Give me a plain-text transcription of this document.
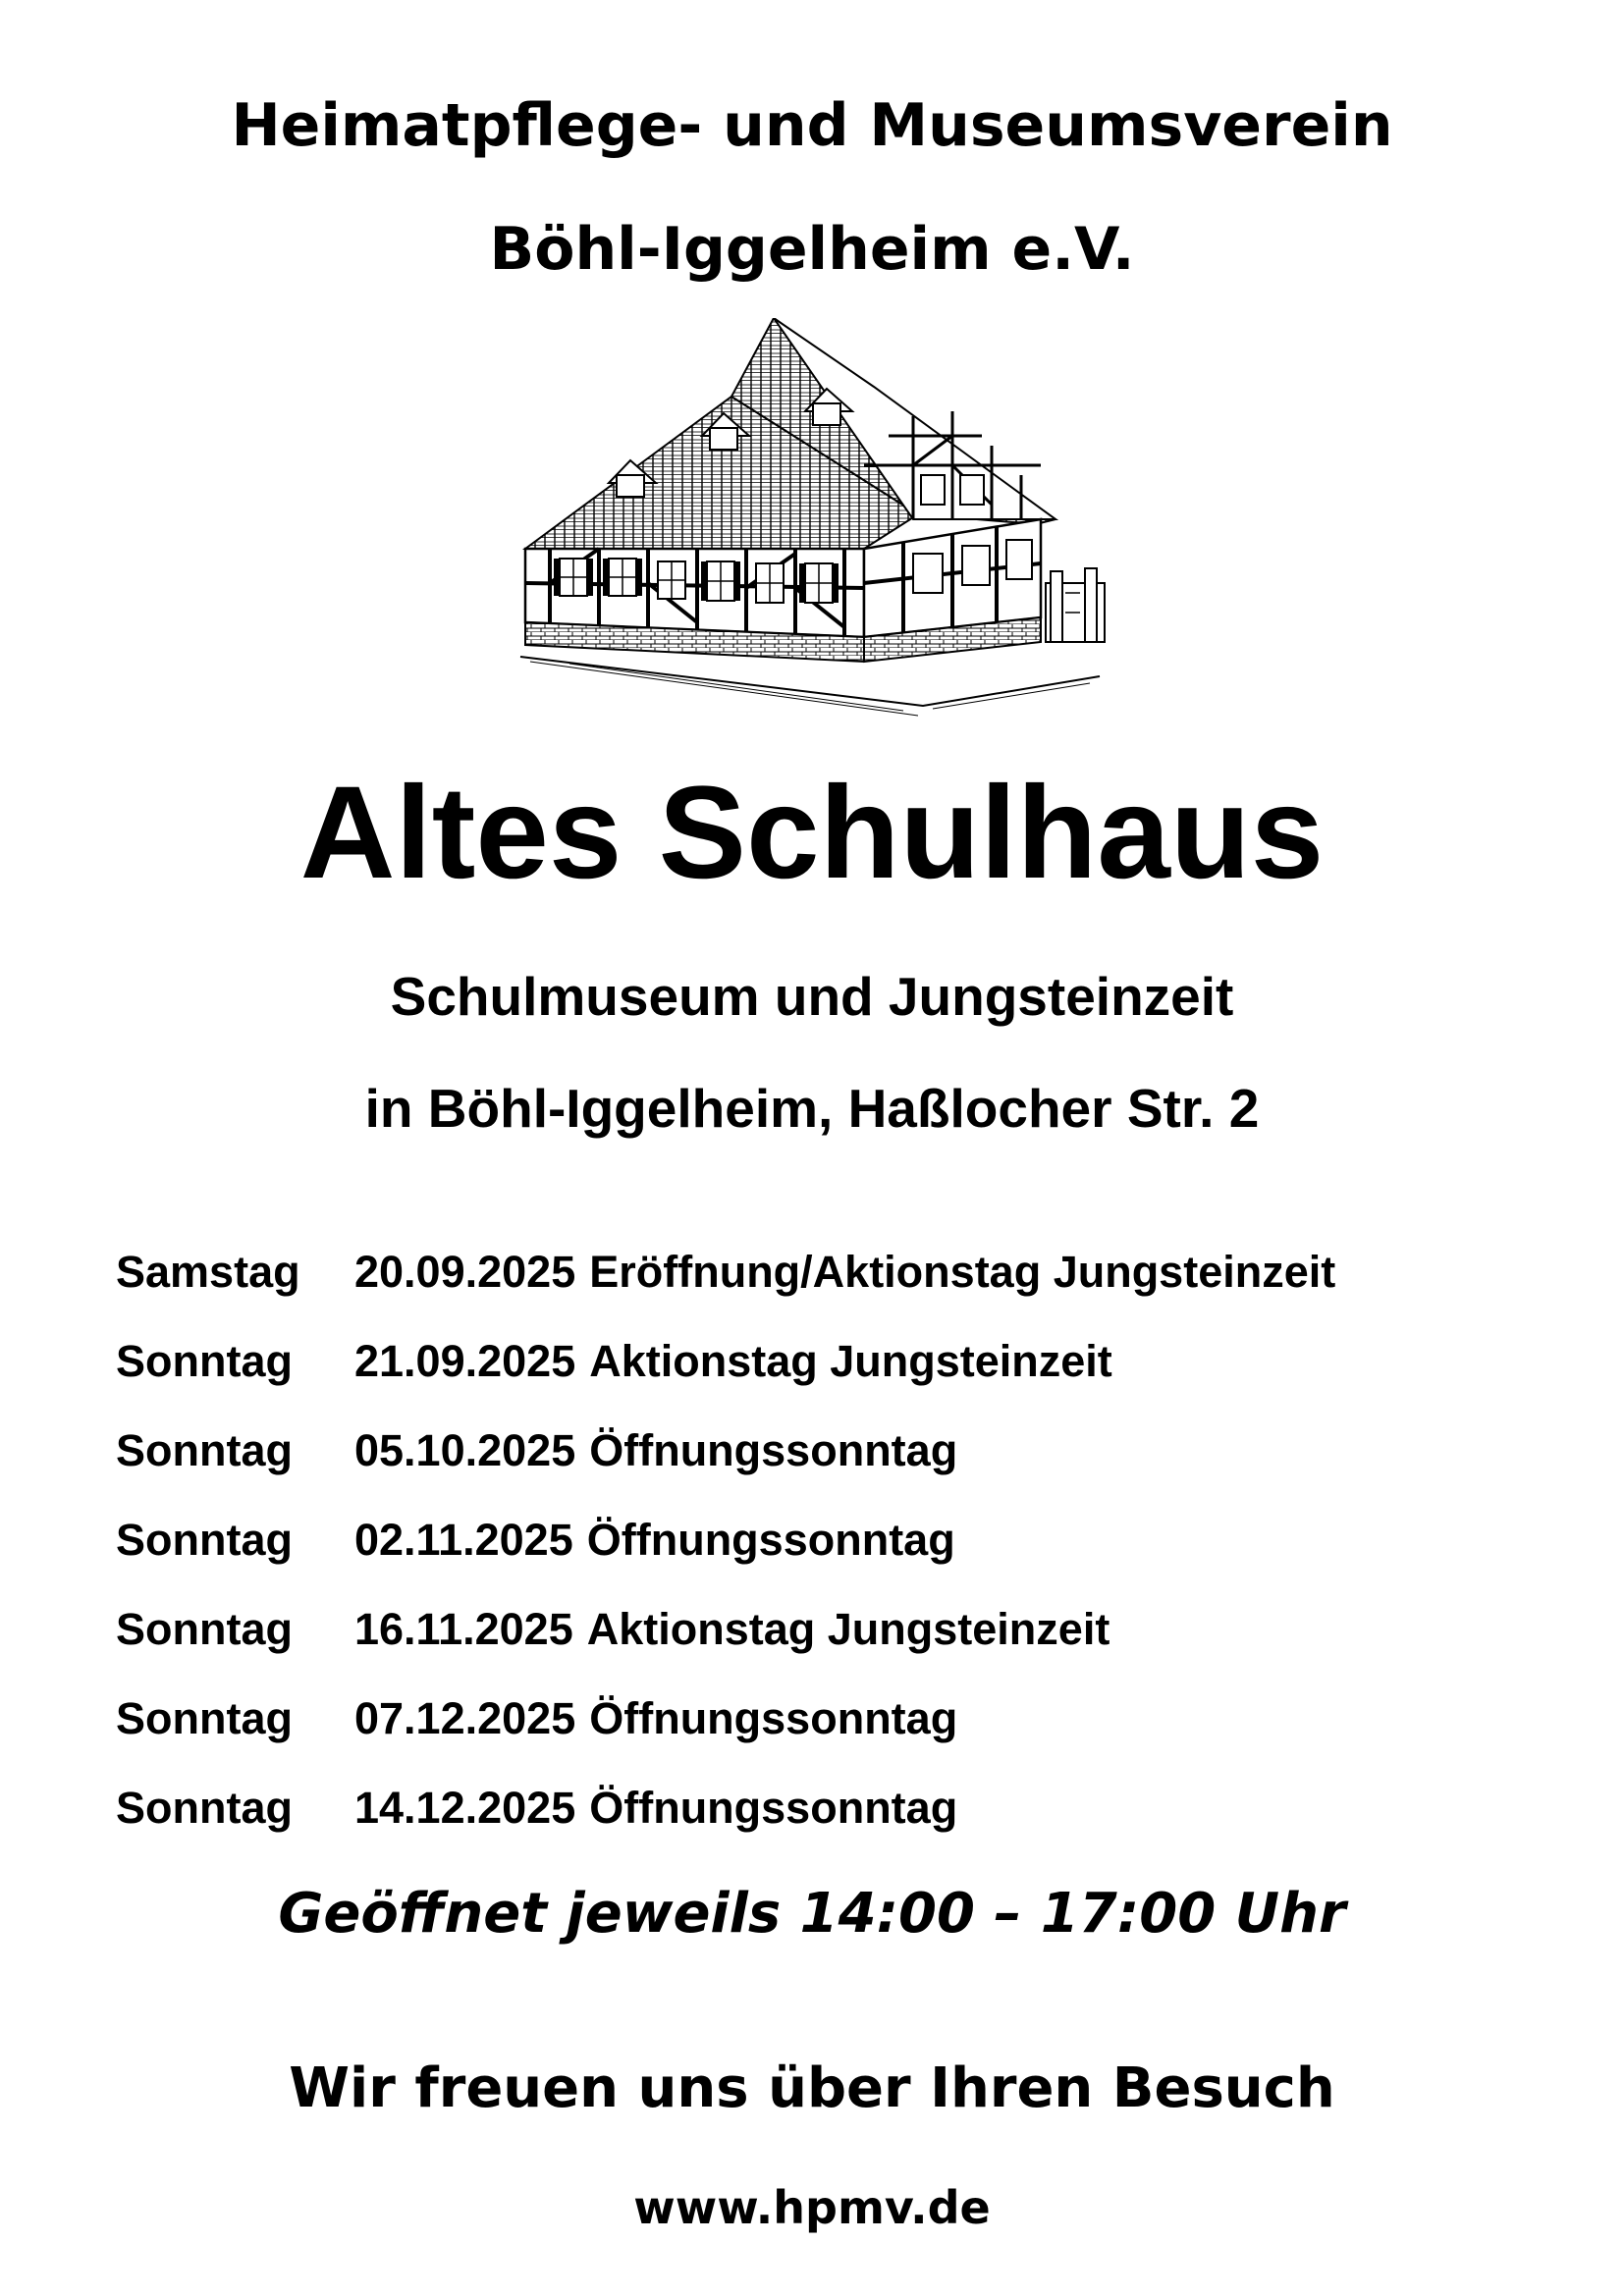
Heimatpflege- und Museumsverein
Böhl-Iggelheim e.V.
Altes Schulhaus
Schulmuseum und Jungsteinzeit
in Böhl-Iggelheim, Haßlocher Str. 2
Samstag	20.09.2025 Eröffnung/Aktionstag Jungsteinzeit
Sonntag	21.09.2025 Aktionstag Jungsteinzeit
Sonntag	05.10.2025 Öffnungssonntag
Sonntag	02.11.2025 Öffnungssonntag
Sonntag	16.11.2025 Aktionstag Jungsteinzeit
Sonntag	07.12.2025 Öffnungssonntag
Sonntag	14.12.2025 Öffnungssonntag
Geöffnet jeweils 14:00 – 17:00 Uhr
Wir freuen uns über Ihren Besuch
www.hpmv.de
